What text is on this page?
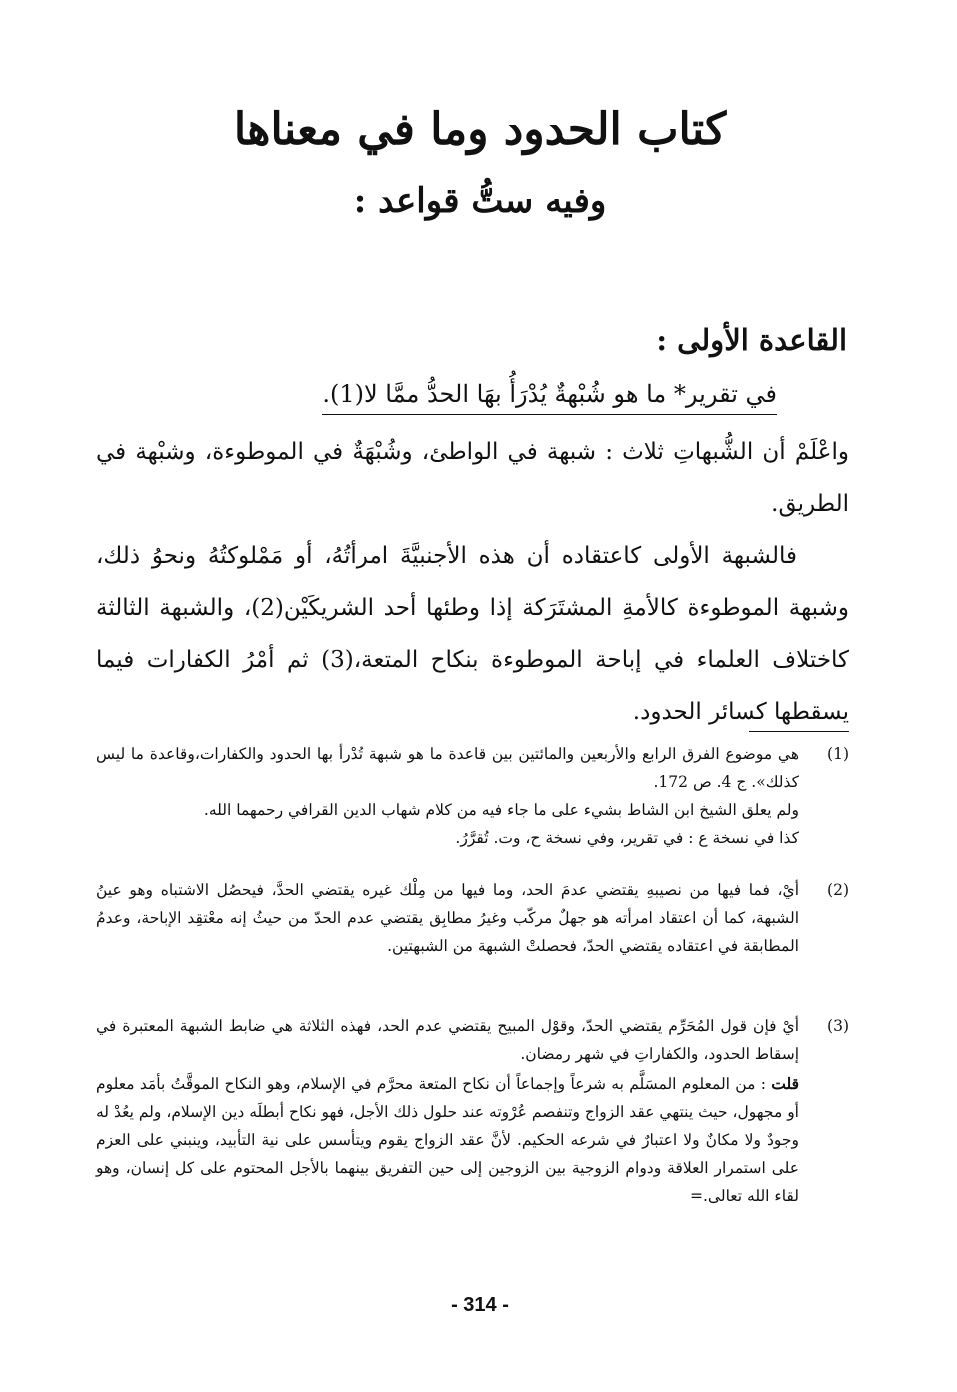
كتاب الحدود وما في معناها
وفيه ستُّ قواعد :
القاعدة الأولى :
في تقرير* ما هو شُبْهةٌ يُدْرَأُ بهَا الحدُّ ممَّا لا(1).

واعْلَمْ أن الشُّبهاتِ ثلاث : شبهة في الواطئ، وشُبْهَةٌ في الموطوءة، وشبْهة في الطريق.

فالشبهة الأولى كاعتقاده أن هذه الأجنبيَّةَ امرأتُهُ، أو مَمْلوكتُهُ ونحوُ ذلك، وشبهة الموطوءة كالأمةِ المشتَرَكة إذا وطئها أحد الشريكَيْن(2)، والشبهة الثالثة كاختلاف العلماء في إباحة الموطوءة بنكاح المتعة،(3) ثم أمْرُ الكفارات فيما يسقطها كسائر الحدود.

(1)
هي موضوع الفرق الرابع والأربعين والمائتين بين قاعدة ما هو شبهة تُدْرأ بها الحدود والكفارات،وقاعدة ما ليس كذلك». ج 4. ص 172.
ولم يعلق الشيخ ابن الشاط بشيء على ما جاء فيه من كلام شهاب الدين القرافي رحمهما الله.
كذا في نسخة ع : في تقرير، وفي نسخة ح، وت. تُقرَّرُ.
(2)
أيْ، فما فيها من نصيبهِ يقتضي عدمَ الحد، وما فيها من مِلْك غيره يقتضي الحدَّ، فيحصُل الاشتباه وهو عينُ الشبهة، كما أن اعتقاد امرأته هو جهلٌ مركّب وغيرُ مطابِق يقتضي عدم الحدّ من حيثُ إنه معْتقِد الإباحة، وعدمُ المطابقة في اعتقاده يقتضي الحدّ، فحصلتْ الشبهة من الشبهتين.
(3)
أيْ فإن قول المُحَرِّم يقتضي الحدّ، وقوْل المبيح يقتضي عدم الحد، فهذه الثلاثة هي ضابط الشبهة المعتبرة في إسقاط الحدود، والكفاراتِ في شهر رمضان.
قلت : من المعلوم المسَلَّم به شرعاً وإجماعاً أن نكاح المتعة محرَّم في الإسلام، وهو النكاح الموقَّتُ بأمَد معلوم أو مجهول، حيث ينتهي عقد الزواج وتنفصم عُرْوته عند حلول ذلك الأجل، فهو نكاح أبطلَه دين الإسلام، ولم يعُدْ له وجودٌ ولا مكانٌ ولا اعتبارٌ في شرعه الحكيم. لأنَّ عقد الزواج يقوم ويتأسس على نية التأبيد، وينبني على العزم على استمرار العلاقة ودوام الزوجية بين الزوجين إلى حين التفريق بينهما بالأجل المحتوم على كل إنسان، وهو لقاء الله تعالى.=
- 314 -
